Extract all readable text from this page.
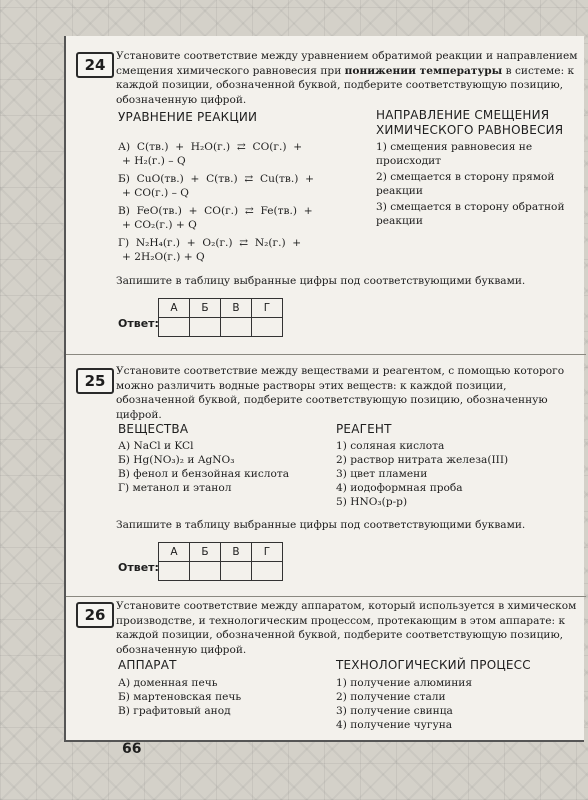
24 Установите соответствие между уравнением обратимой реакции и направлением смещения химического равновесия при понижении температуры в системе: к каждой позиции, обозначенной буквой, подберите соответствующую позицию, обозначенную цифрой.
УРАВНЕНИЕ РЕАКЦИИ	НАПРАВЛЕНИЕ СМЕЩЕНИЯ
ХИМИЧЕСКОГО РАВНОВЕСИЯ
А)  C(тв.)  +  H₂O(г.)  ⇄  CO(г.)  +
+ H₂(г.) – Q
Б)  CuO(тв.)  +  C(тв.)  ⇄  Cu(тв.)  +
+ CO(г.) – Q
В)  FeO(тв.)  +  CO(г.)  ⇄  Fe(тв.)  +
+ CO₂(г.) + Q
Г)  N₂H₄(г.)  +  O₂(г.)  ⇄  N₂(г.)  +
+ 2H₂O(г.) + Q
1) смещения равновесия не происходит
2) смещается в сторону прямой реакции
3) смещается в сторону обратной реакции
Запишите в таблицу выбранные цифры под соответствующими буквами.
Ответ:
А	Б	В	Г

25
Установите соответствие между веществами и реагентом, с помощью которого можно различить водные растворы этих веществ: к каждой позиции, обозначенной буквой, подберите соответствующую позицию, обозначенную цифрой.
ВЕЩЕСТВА	РЕАГЕНТ
А) NaCl и KCl
Б) Hg(NO₃)₂ и AgNO₃
В) фенол и бензойная кислота
Г) метанол и этанол
1) соляная кислота
2) раствор нитрата железа(III)
3) цвет пламени
4) иодоформная проба
5) HNO₃(р-р)
Запишите в таблицу выбранные цифры под соответствующими буквами.
Ответ:
А	Б	В	Г

26 Установите соответствие между аппаратом, который используется в химическом производстве, и технологическим процессом, протекающим в этом аппарате: к каждой позиции, обозначенной буквой, подберите соответствующую позицию, обозначенную цифрой.
АППАРАТ	ТЕХНОЛОГИЧЕСКИЙ ПРОЦЕСС
А) доменная печь
Б) мартеновская печь
В) графитовый анод
1) получение алюминия
2) получение стали
3) получение свинца
4) получение чугуна
66
